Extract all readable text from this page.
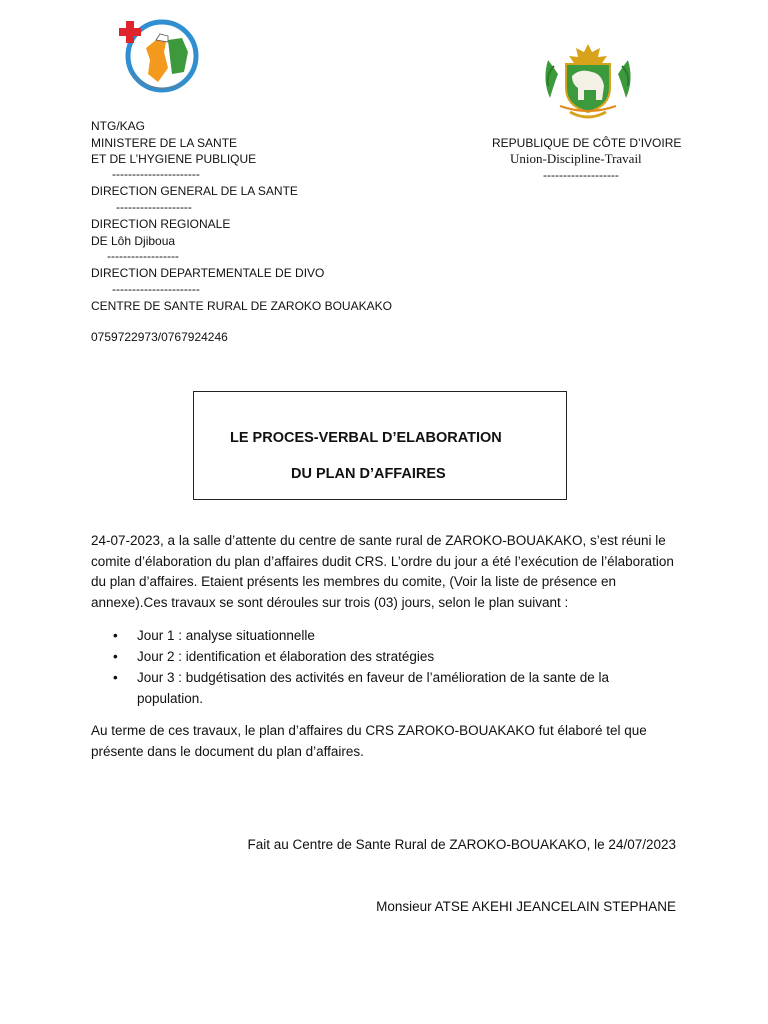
NTG/KAG
MINISTERE DE LA SANTE
ET DE L’HYGIENE PUBLIQUE
----------------------
DIRECTION GENERAL DE LA SANTE
-------------------
DIRECTION REGIONALE
DE Lôh Djiboua
------------------
DIRECTION DEPARTEMENTALE DE DIVO
----------------------
CENTRE DE SANTE RURAL DE ZAROKO BOUAKAKO
0759722973/0767924246
REPUBLIQUE DE CÔTE D’IVOIRE
Union-Discipline-Travail
-------------------
LE PROCES-VERBAL D’ELABORATION
DU PLAN D’AFFAIRES

24-07-2023, a la salle d’attente du centre de sante rural de ZAROKO-BOUAKAKO, s’est réuni le comite d’élaboration du plan d’affaires dudit CRS. L’ordre du jour a été l’exécution de l’élaboration du plan d’affaires. Etaient présents les membres du comite, (Voir la liste de présence en annexe).Ces travaux se sont déroules sur trois (03) jours, selon le plan suivant :

• Jour 1 : analyse situationnelle
• Jour 2 : identification et élaboration des stratégies
• Jour 3 : budgétisation des activités en faveur de l’amélioration de la sante de la population.

Au terme de ces travaux, le plan d’affaires du CRS ZAROKO-BOUAKAKO fut élaboré tel que présente dans le document du plan d’affaires.

Fait au Centre de Sante Rural de ZAROKO-BOUAKAKO, le 24/07/2023
Monsieur ATSE AKEHI JEANCELAIN STEPHANE
